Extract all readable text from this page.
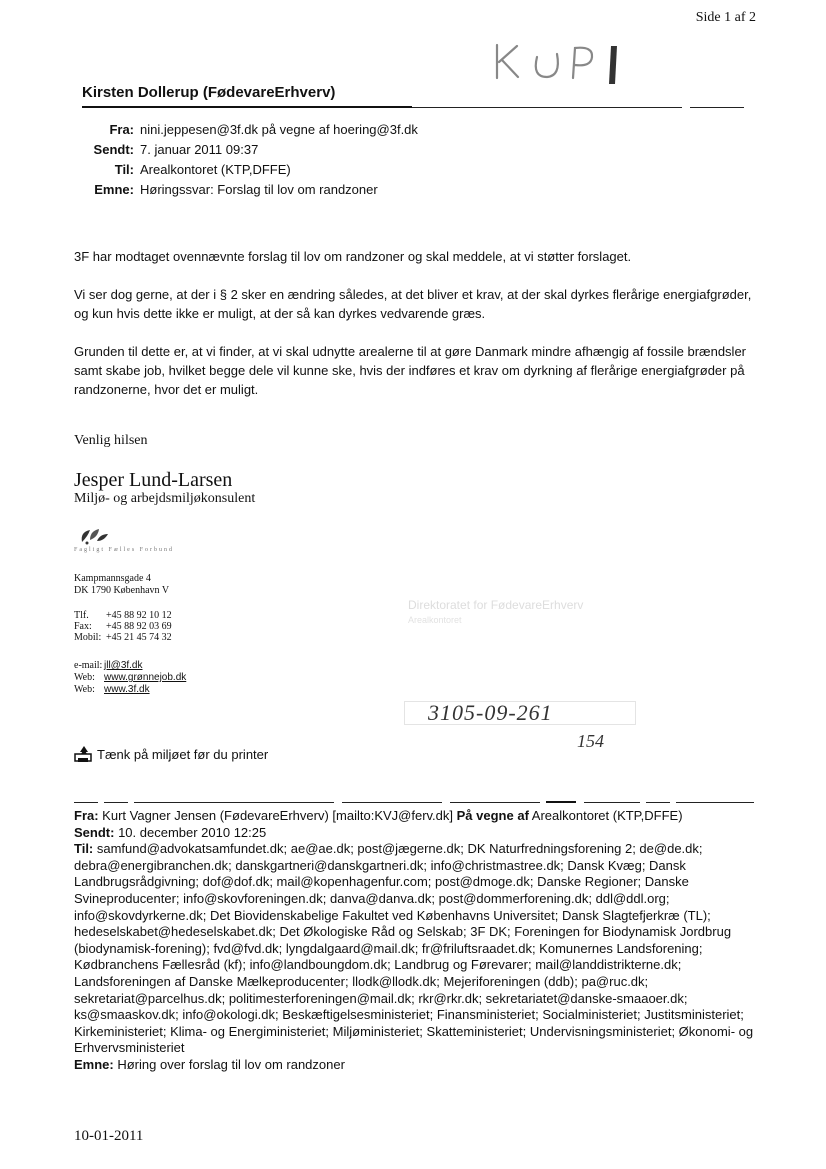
Side 1 af 2
Kirsten Dollerup (FødevareErhverv)
Fra: nini.jeppesen@3f.dk på vegne af hoering@3f.dk
Sendt: 7. januar 2011 09:37
Til: Arealkontoret (KTP,DFFE)
Emne: Høringssvar: Forslag til lov om randzoner

3F har modtaget ovennævnte forslag til lov om randzoner og skal meddele, at vi støtter forslaget.

Vi ser dog gerne, at der i § 2 sker en ændring således, at det bliver et krav, at der skal dyrkes flerårige energiafgrøder, og kun hvis dette ikke er muligt, at der så kan dyrkes vedvarende græs.

Grunden til dette er, at vi finder, at vi skal udnytte arealerne til at gøre Danmark mindre afhængig af fossile brændsler samt skabe job, hvilket begge dele vil kunne ske, hvis der indføres et krav om dyrkning af flerårige energiafgrøder på randzonerne, hvor det er muligt.

Venlig hilsen
Jesper Lund-Larsen
Miljø- og arbejdsmiljøkonsulent
Fagligt Fælles Forbund
Kampmannsgade 4
DK 1790 København V
Tlf.	+45 88 92 10 12
Fax:	+45 88 92 03 69
Mobil: +45 21 45 74 32
e-mail: jll@3f.dk
Web: www.grønnejob.dk
Web: www.3f.dk
Direktoratet for FødevareErhverv
Arealkontoret
3105-09-261
154
Tænk på miljøet før du printer
Fra: Kurt Vagner Jensen (FødevareErhverv) [mailto:KVJ@ferv.dk] På vegne af Arealkontoret (KTP,DFFE)
Sendt: 10. december 2010 12:25
Til: samfund@advokatsamfundet.dk; ae@ae.dk; post@jægerne.dk; DK Naturfredningsforening 2; de@de.dk; debra@energibranchen.dk; danskgartneri@danskgartneri.dk; info@christmastree.dk; Dansk Kvæg; Dansk Landbrugsrådgivning; dof@dof.dk; mail@kopenhagenfur.com; post@dmoge.dk; Danske Regioner; Danske Svineproducenter; info@skovforeningen.dk; danva@danva.dk; post@dommerforening.dk; ddl@ddl.org; info@skovdyrkerne.dk; Det Biovidenskabelige Fakultet ved Københavns Universitet; Dansk Slagtefjerkræ (TL); hedeselskabet@hedeselskabet.dk; Det Økologiske Råd og Selskab; 3F DK; Foreningen for Biodynamisk Jordbrug (biodynamisk-forening); fvd@fvd.dk; lyngdalgaard@mail.dk; fr@friluftsraadet.dk; Komunernes Landsforening; Kødbranchens Fællesråd (kf); info@landboungdom.dk; Landbrug og Førevarer; mail@landdistrikterne.dk; Landsforeningen af Danske Mælkeproducenter; llodk@llodk.dk; Mejeriforeningen (ddb); pa@ruc.dk; sekretariat@parcelhus.dk; politimesterforeningen@mail.dk; rkr@rkr.dk; sekretariatet@danske-smaaoer.dk; ks@smaaskov.dk; info@okologi.dk; Beskæftigelsesministeriet; Finansministeriet; Socialministeriet; Justitsministeriet; Kirkeministeriet; Klima- og Energiministeriet; Miljøministeriet; Skatteministeriet; Undervisningsministeriet; Økonomi- og Erhvervsministeriet
Emne: Høring over forslag til lov om randzoner
10-01-2011
